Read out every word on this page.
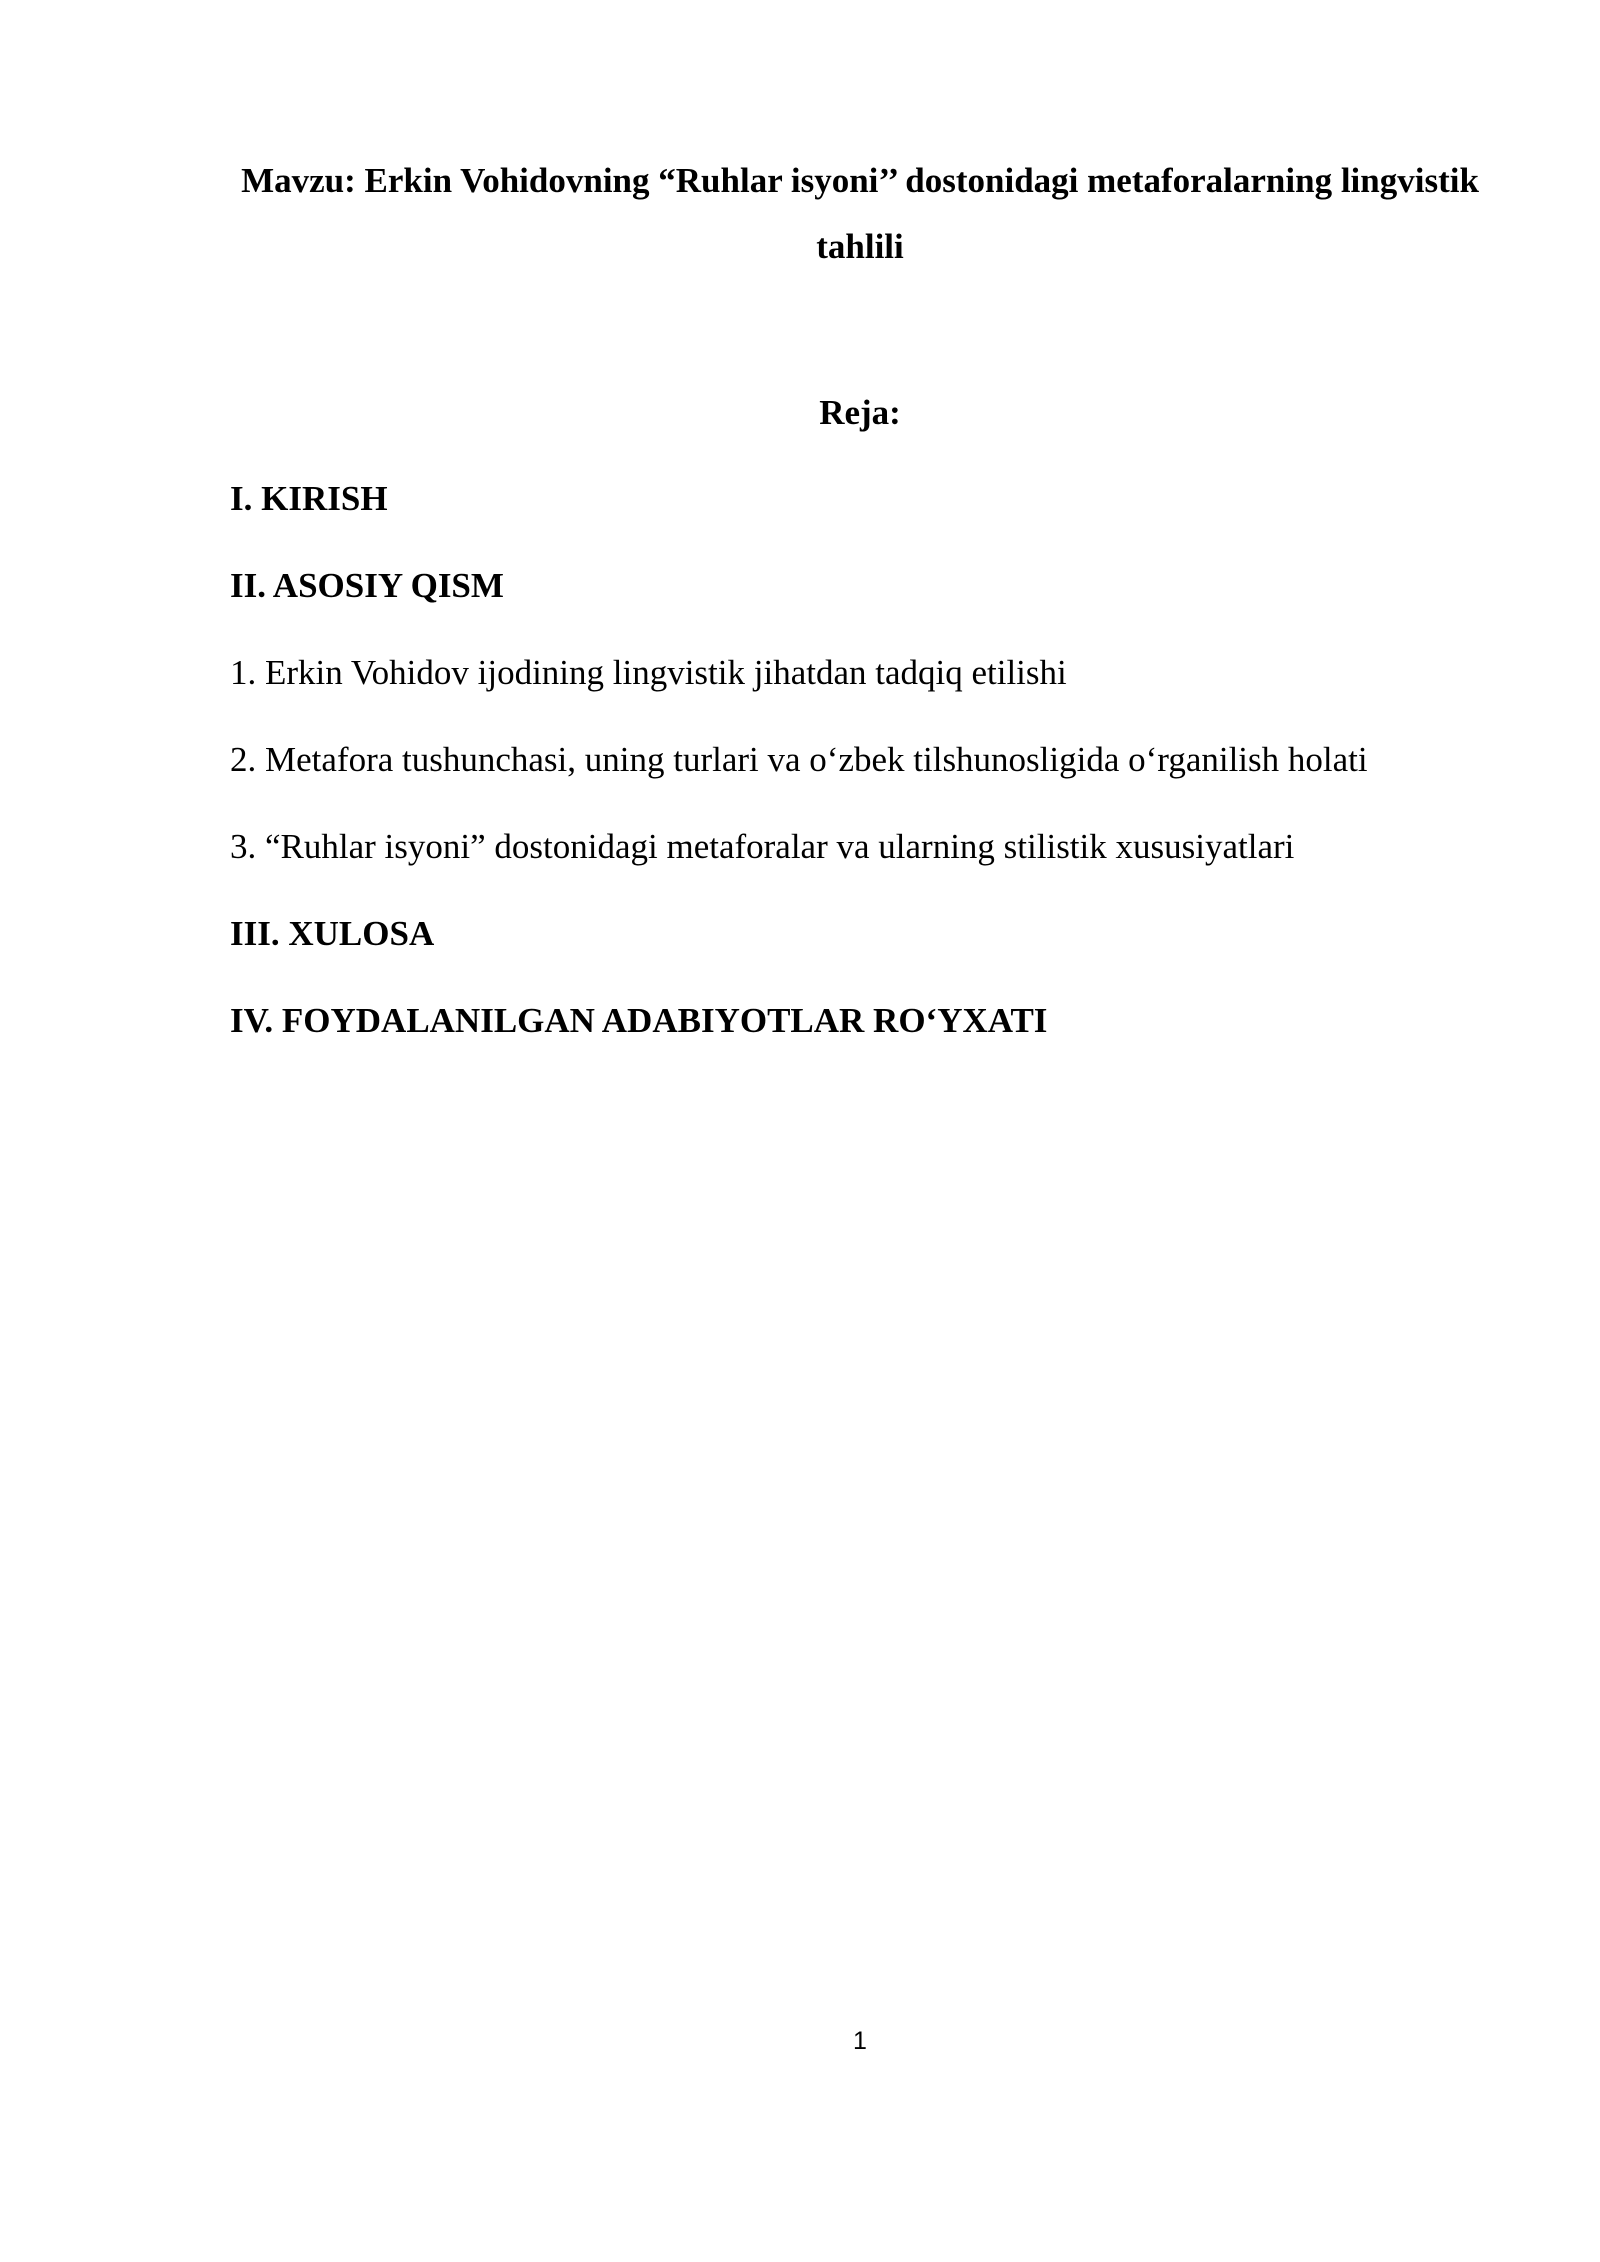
Mavzu: Erkin Vohidovning “Ruhlar isyoni’’ dostonidagi metaforalarning lingvistik tahlili
Reja:
I. KIRISH
II. ASOSIY QISM
1. Erkin Vohidov ijodining lingvistik jihatdan tadqiq etilishi
2. Metafora tushunchasi, uning turlari va o‘zbek tilshunosligida o‘rganilish holati
3. “Ruhlar isyoni” dostonidagi metaforalar va ularning stilistik xususiyatlari
III. XULOSA
IV. FOYDALANILGAN ADABIYOTLAR RO‘YXATI
1
